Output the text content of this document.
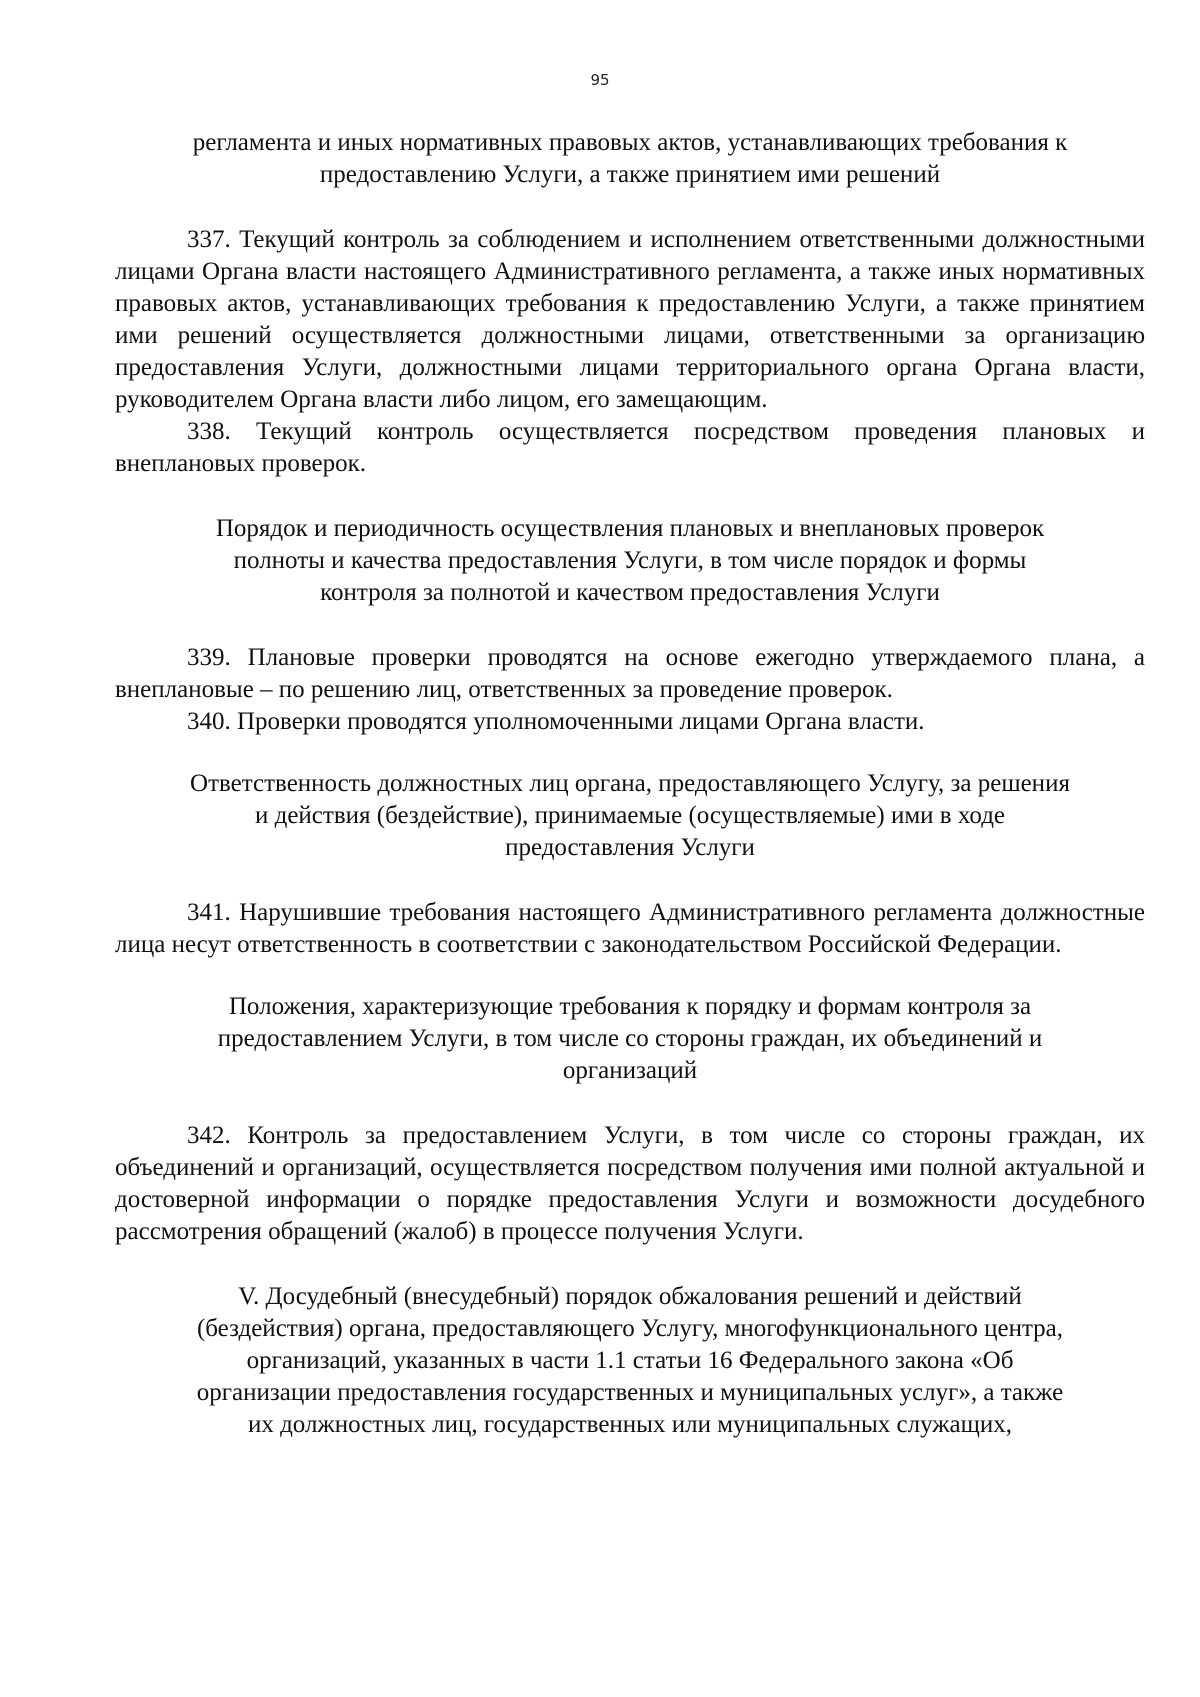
95

регламента и иных нормативных правовых актов, устанавливающих требования к предоставлению Услуги, а также принятием ими решений

337. Текущий контроль за соблюдением и исполнением ответственными должностными лицами Органа власти настоящего Административного регламента, а также иных нормативных правовых актов, устанавливающих требования к предоставлению Услуги, а также принятием ими решений осуществляется должностными лицами, ответственными за организацию предоставления Услуги, должностными лицами территориального органа Органа власти, руководителем Органа власти либо лицом, его замещающим.

338. Текущий контроль осуществляется посредством проведения плановых и внеплановых проверок.

Порядок и периодичность осуществления плановых и внеплановых проверок полноты и качества предоставления Услуги, в том числе порядок и формы контроля за полнотой и качеством предоставления Услуги

339. Плановые проверки проводятся на основе ежегодно утверждаемого плана, а внеплановые – по решению лиц, ответственных за проведение проверок.

340. Проверки проводятся уполномоченными лицами Органа власти.

Ответственность должностных лиц органа, предоставляющего Услугу, за решения и действия (бездействие), принимаемые (осуществляемые) ими в ходе предоставления Услуги

341. Нарушившие требования настоящего Административного регламента должностные лица несут ответственность в соответствии с законодательством Российской Федерации.

Положения, характеризующие требования к порядку и формам контроля за предоставлением Услуги, в том числе со стороны граждан, их объединений и организаций

342. Контроль за предоставлением Услуги, в том числе со стороны граждан, их объединений и организаций, осуществляется посредством получения ими полной актуальной и достоверной информации о порядке предоставления Услуги и возможности досудебного рассмотрения обращений (жалоб) в процессе получения Услуги.

V. Досудебный (внесудебный) порядок обжалования решений и действий (бездействия) органа, предоставляющего Услугу, многофункционального центра, организаций, указанных в части 1.1 статьи 16 Федерального закона «Об организации предоставления государственных и муниципальных услуг», а также их должностных лиц, государственных или муниципальных служащих,
